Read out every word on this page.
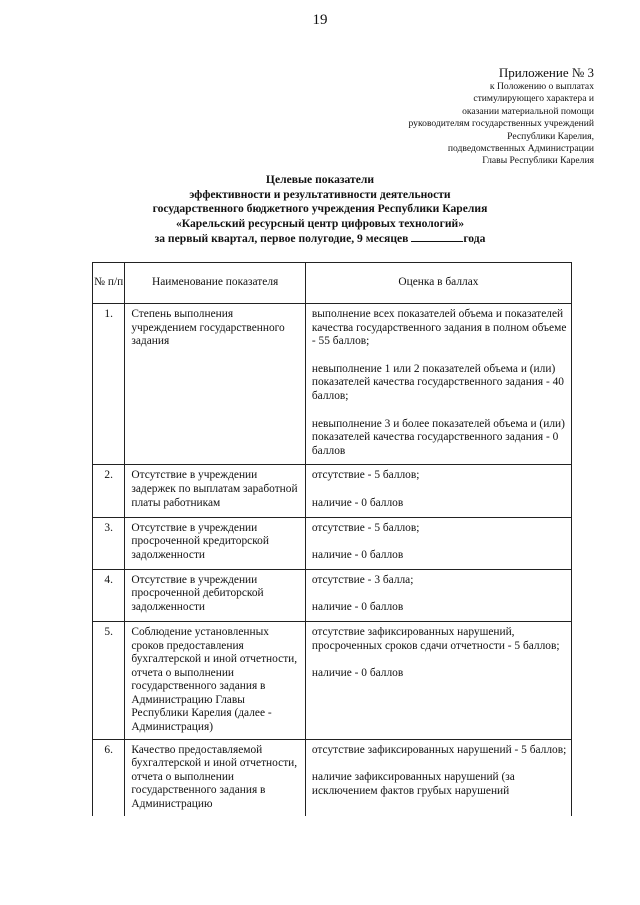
19
Приложение № 3
к Положению о выплатах
стимулирующего характера и
оказании материальной помощи
руководителям государственных учреждений
Республики Карелия,
подведомственных Администрации
Главы Республики Карелия
Целевые показатели
эффективности и результативности деятельности
государственного бюджетного учреждения Республики Карелия
«Карельский ресурсный центр цифровых технологий»
за первый квартал, первое полугодие, 9 месяцев	года
№ п/п	Наименование показателя	Оценка в баллах
1.	Степень выполнения учреждением государственного задания	выполнение всех показателей объема и показателей качества государственного задания в полном объеме - 55 баллов;

невыполнение 1 или 2 показателей объема и (или) показателей качества государственного задания - 40 баллов;

невыполнение 3 и более показателей объема и (или) показателей качества государственного задания - 0 баллов

2.	Отсутствие в учреждении задержек по выплатам заработной платы работникам	отсутствие - 5 баллов;

наличие - 0 баллов

3.	Отсутствие в учреждении просроченной кредиторской задолженности	отсутствие - 5 баллов;

наличие - 0 баллов

4.	Отсутствие в учреждении просроченной дебиторской задолженности	отсутствие - 3 балла;

наличие - 0 баллов

5.	Соблюдение установленных сроков предоставления бухгалтерской и иной отчетности, отчета о выполнении государственного задания в Администрацию Главы Республики Карелия (далее - Администрация)	отсутствие зафиксированных нарушений, просроченных сроков сдачи отчетности - 5 баллов;

наличие - 0 баллов

6.	Качество предоставляемой бухгалтерской и иной отчетности, отчета о выполнении государственного задания в Администрацию	отсутствие зафиксированных нарушений - 5 баллов;

наличие зафиксированных нарушений (за исключением фактов грубых нарушений
